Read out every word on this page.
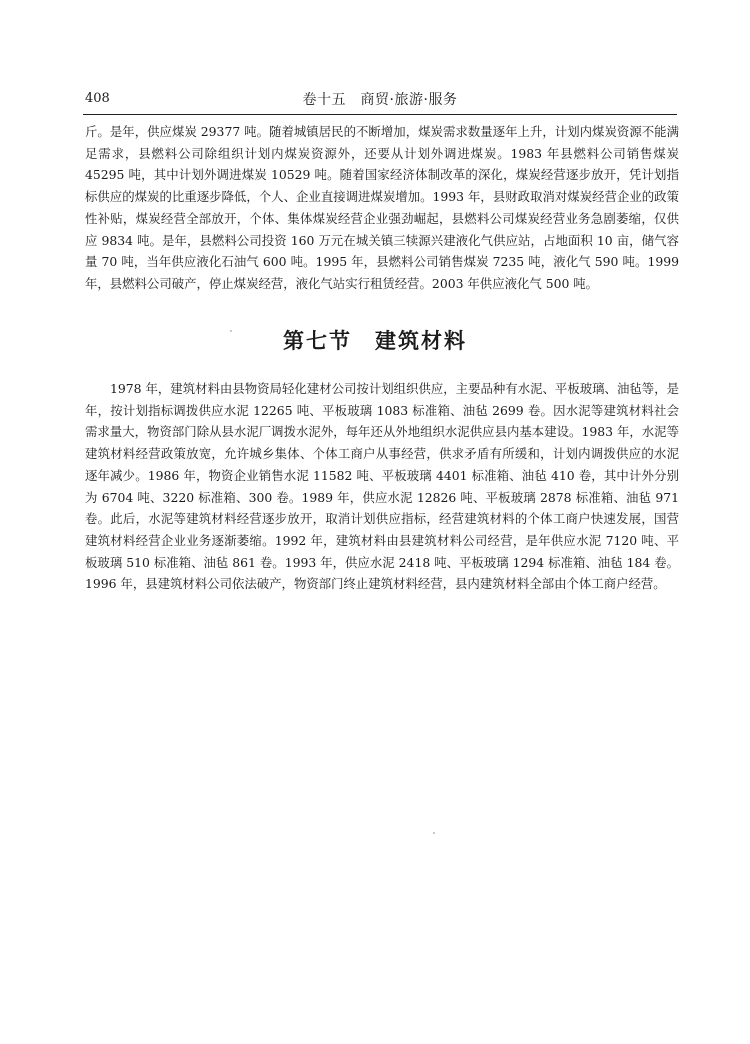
408	卷十五　商贸·旅游·服务

斤。是年，供应煤炭 29377 吨。随着城镇居民的不断增加，煤炭需求数量逐年上升，计划内煤炭资源不能满足需求，县燃料公司除组织计划内煤炭资源外，还要从计划外调进煤炭。1983 年县燃料公司销售煤炭 45295 吨，其中计划外调进煤炭 10529 吨。随着国家经济体制改革的深化，煤炭经营逐步放开，凭计划指标供应的煤炭的比重逐步降低，个人、企业直接调进煤炭增加。1993 年，县财政取消对煤炭经营企业的政策性补贴，煤炭经营全部放开，个体、集体煤炭经营企业强劲崛起，县燃料公司煤炭经营业务急剧萎缩，仅供应 9834 吨。是年，县燃料公司投资 160 万元在城关镇三犊源兴建液化气供应站，占地面积 10 亩，储气容量 70 吨，当年供应液化石油气 600 吨。1995 年，县燃料公司销售煤炭 7235 吨，液化气 590 吨。1999 年，县燃料公司破产，停止煤炭经营，液化气站实行租赁经营。2003 年供应液化气 500 吨。

第七节　建筑材料

1978 年，建筑材料由县物资局轻化建材公司按计划组织供应，主要品种有水泥、平板玻璃、油毡等，是年，按计划指标调拨供应水泥 12265 吨、平板玻璃 1083 标准箱、油毡 2699 卷。因水泥等建筑材料社会需求量大，物资部门除从县水泥厂调拨水泥外，每年还从外地组织水泥供应县内基本建设。1983 年，水泥等建筑材料经营政策放宽，允许城乡集体、个体工商户从事经营，供求矛盾有所缓和，计划内调拨供应的水泥逐年减少。1986 年，物资企业销售水泥 11582 吨、平板玻璃 4401 标准箱、油毡 410 卷，其中计外分别为 6704 吨、3220 标准箱、300 卷。1989 年，供应水泥 12826 吨、平板玻璃 2878 标准箱、油毡 971 卷。此后，水泥等建筑材料经营逐步放开，取消计划供应指标，经营建筑材料的个体工商户快速发展，国营建筑材料经营企业业务逐渐萎缩。1992 年，建筑材料由县建筑材料公司经营，是年供应水泥 7120 吨、平板玻璃 510 标准箱、油毡 861 卷。1993 年，供应水泥 2418 吨、平板玻璃 1294 标准箱、油毡 184 卷。1996 年，县建筑材料公司依法破产，物资部门终止建筑材料经营，县内建筑材料全部由个体工商户经营。
